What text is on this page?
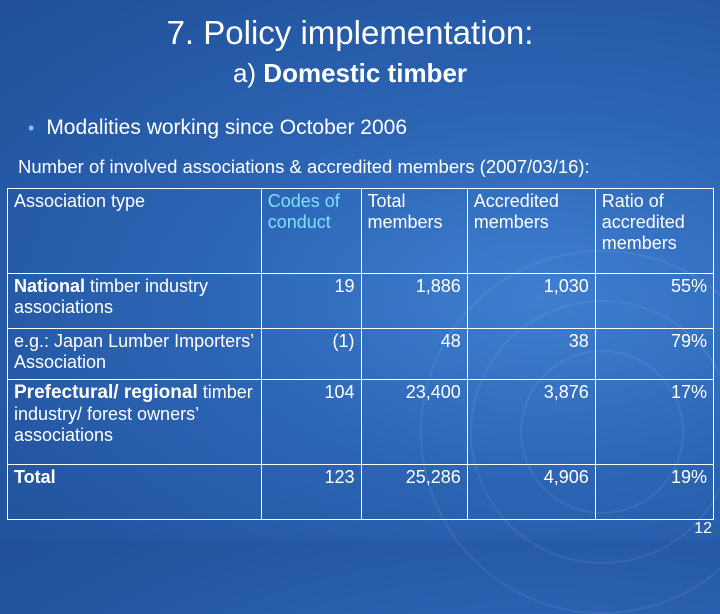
7. Policy implementation:
a) Domestic timber
• Modalities working since October 2006
Number of involved associations & accredited members (2007/03/16):
Association type	Codes of conduct	Total members	Accredited members	Ratio of accredited members
National timber industry associations	19	1,886	1,030	55%
e.g.: Japan Lumber Importers’ Association	(1)	48	38	79%
Prefectural/ regional timber industry/ forest owners’ associations	104	23,400	3,876	17%
Total	123	25,286	4,906	19%
12
